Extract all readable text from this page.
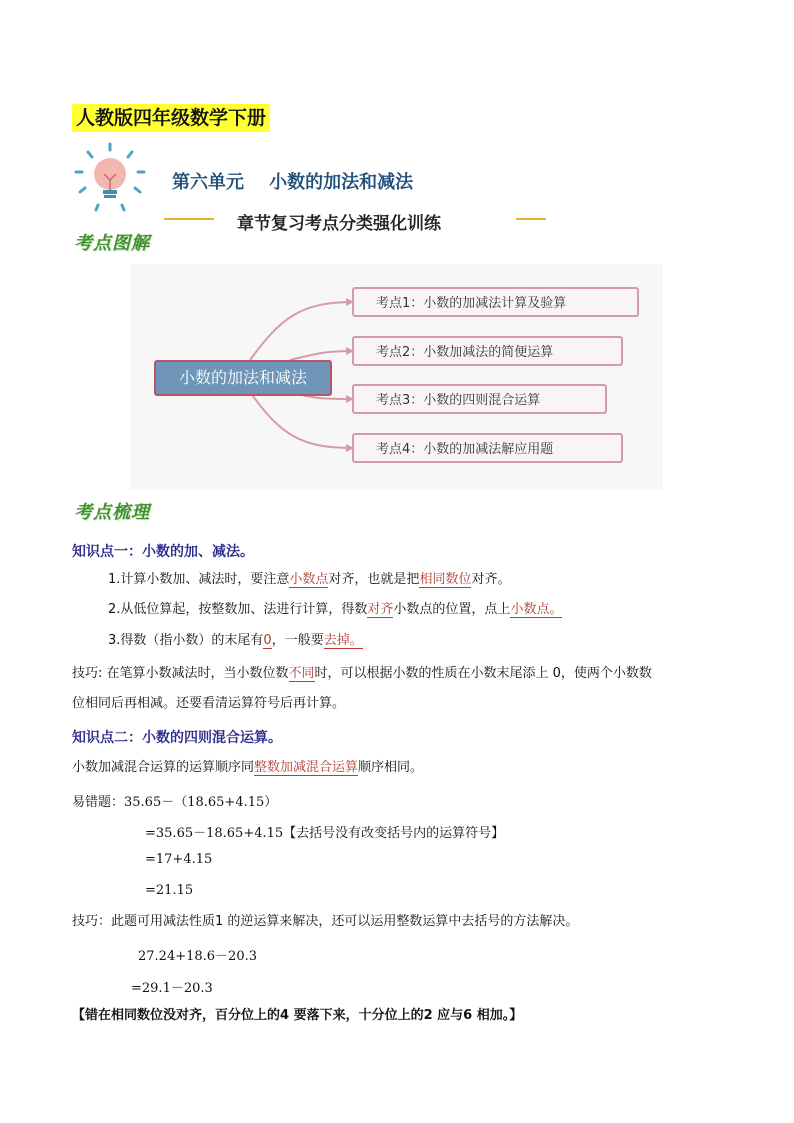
人教版四年级数学下册
第六单元    小数的加法和减法
章节复习考点分类强化训练
考点图解
小数的加法和减法
考点1：小数的加减法计算及验算
考点2：小数加减法的简便运算
考点3：小数的四则混合运算
考点4：小数的加减法解应用题
考点梳理
知识点一：小数的加、减法。
1.计算小数加、减法时，要注意小数点对齐，也就是把相同数位对齐。
2.从低位算起，按整数加、法进行计算，得数对齐小数点的位置，点上小数点。
3.得数（指小数）的末尾有0，一般要去掉。
技巧: 在笔算小数减法时，当小数位数不同时，可以根据小数的性质在小数末尾添上 0，使两个小数数
位相同后再相减。还要看清运算符号后再计算。
知识点二：小数的四则混合运算。
小数加减混合运算的运算顺序同整数加减混合运算顺序相同。
易错题：35.65－（18.65+4.15）
=35.65－18.65+4.15【去括号没有改变括号内的运算符号】
=17+4.15
=21.15
技巧：此题可用减法性质1 的逆运算来解决，还可以运用整数运算中去括号的方法解决。
27.24+18.6－20.3
=29.1－20.3
【错在相同数位没对齐，百分位上的4 要落下来，十分位上的2 应与6 相加。】
